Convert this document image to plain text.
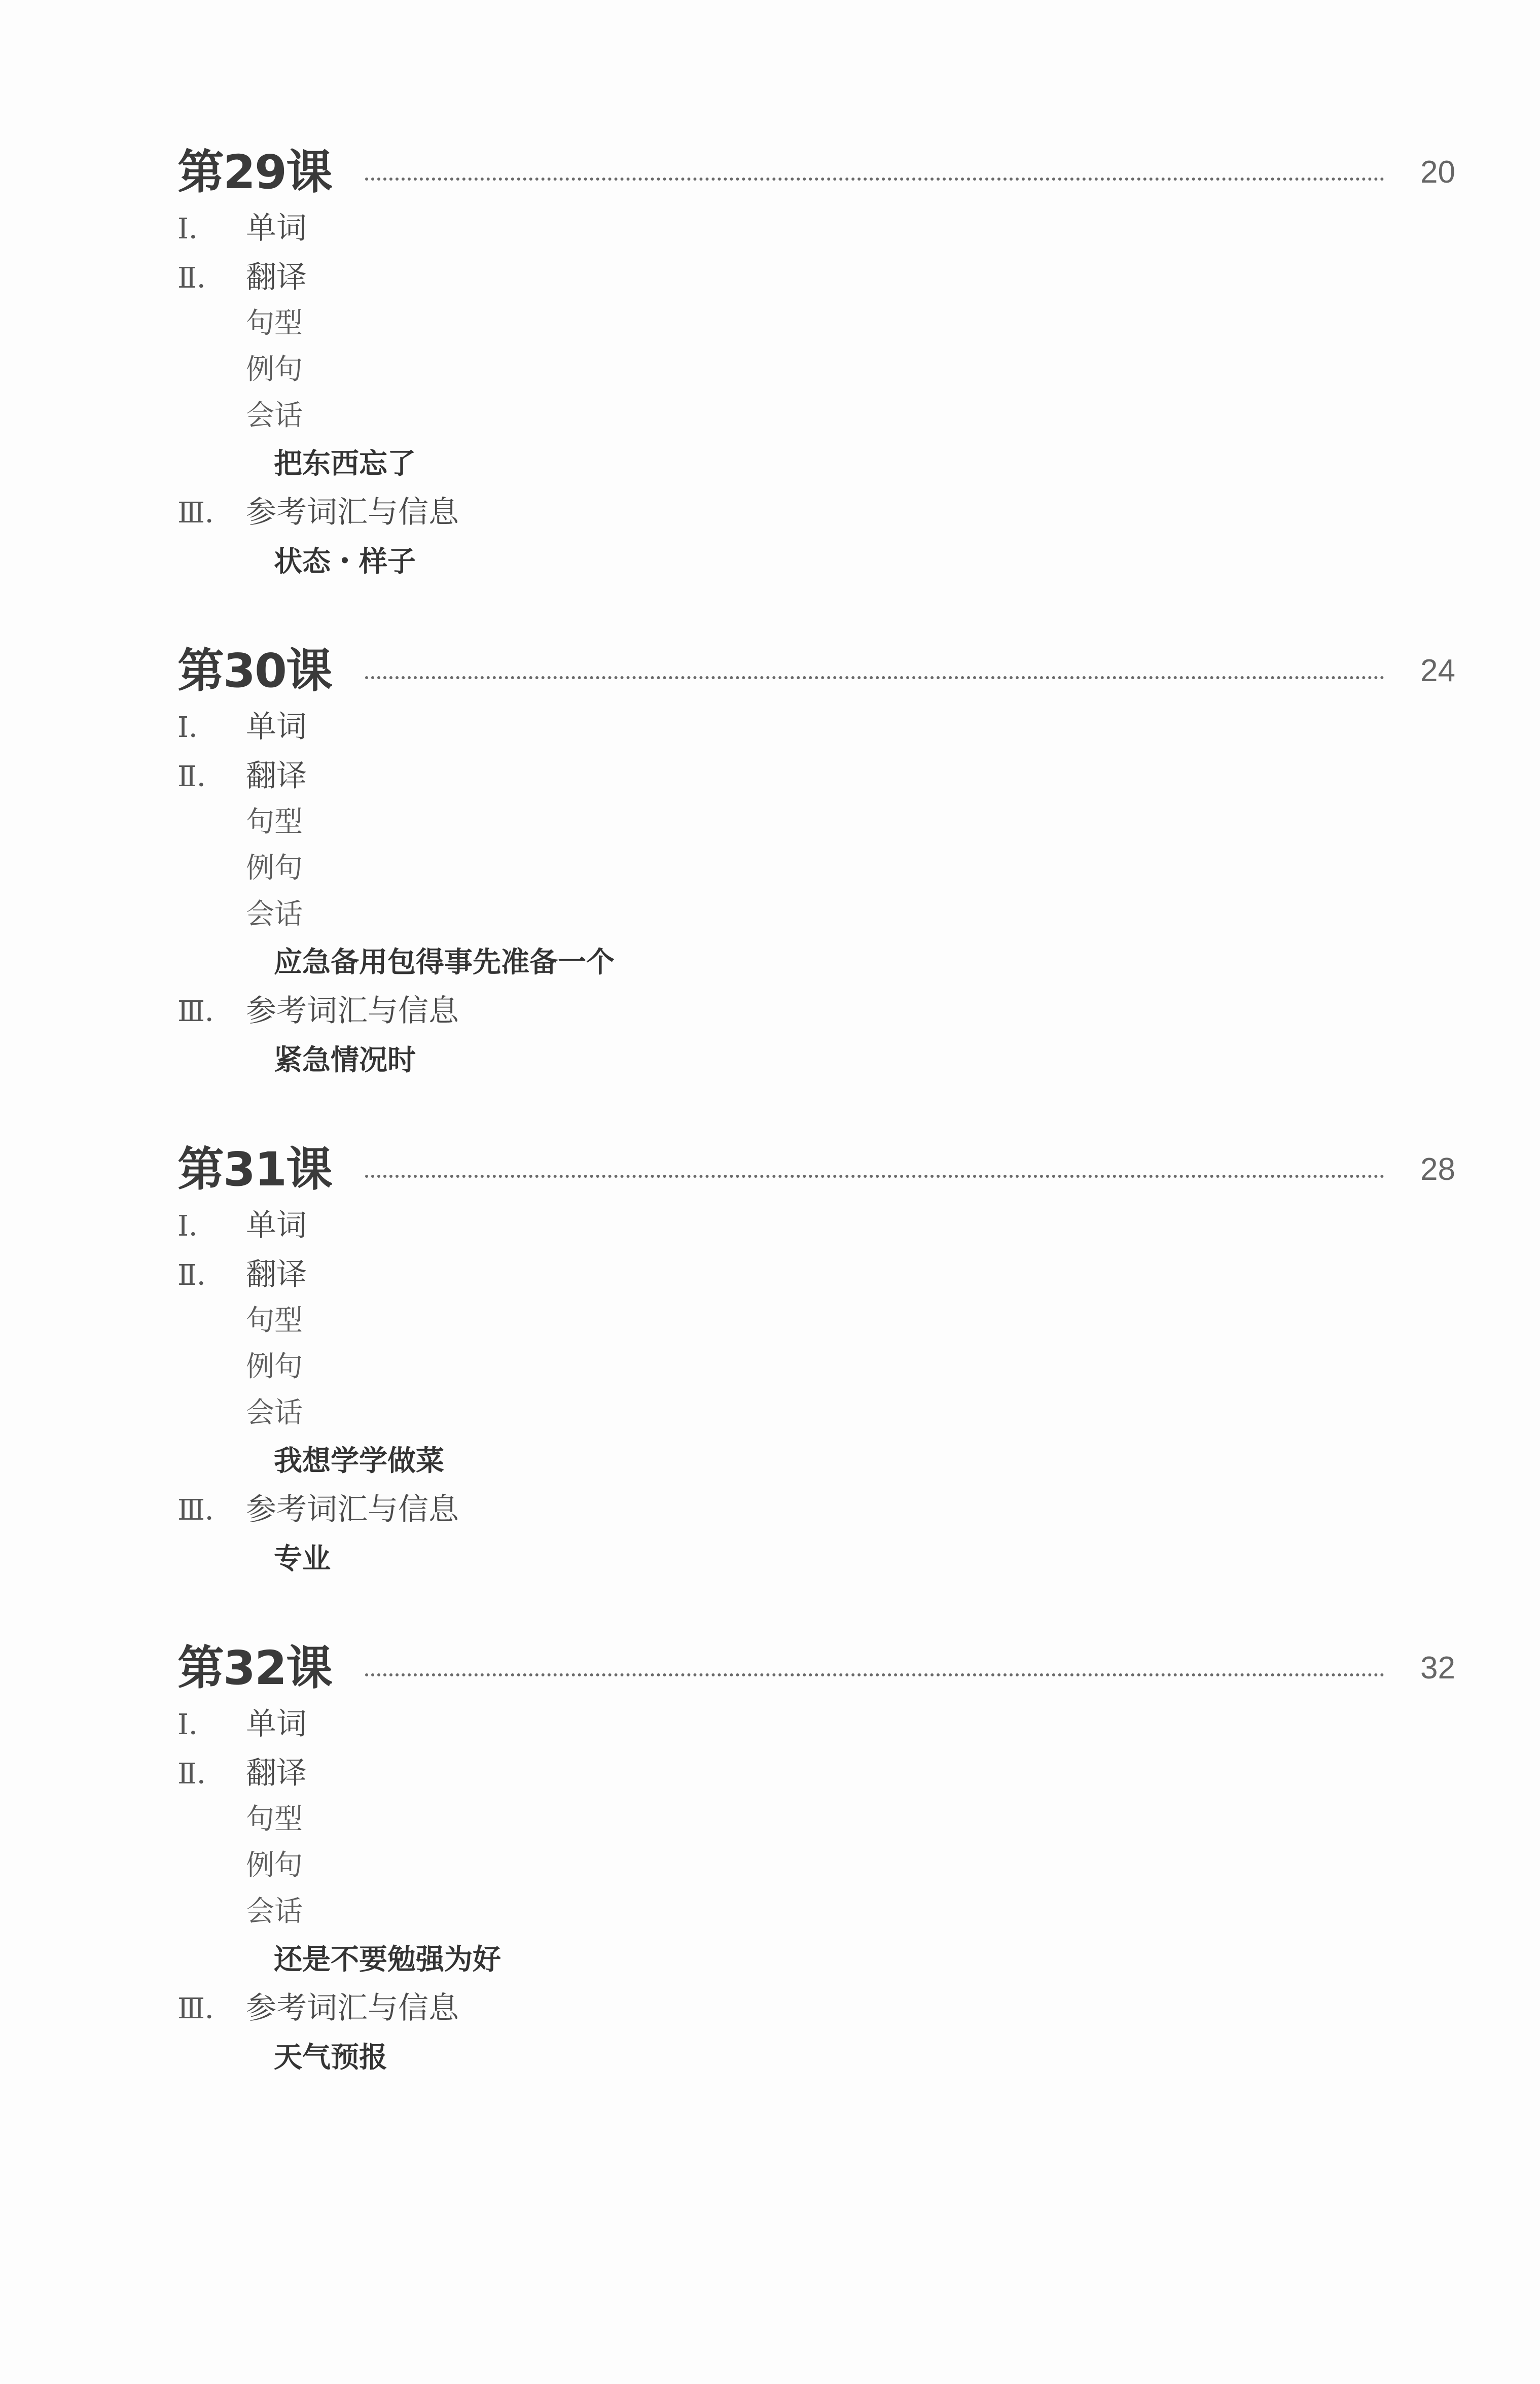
第29课	20
Ⅰ． 单词
Ⅱ． 翻译
句型
例句
会话
把东西忘了
Ⅲ． 参考词汇与信息
状态・样子
第30课	24
Ⅰ． 单词
Ⅱ． 翻译
句型
例句
会话
应急备用包得事先准备一个
Ⅲ． 参考词汇与信息
紧急情况时
第31课	28
Ⅰ． 单词
Ⅱ． 翻译
句型
例句
会话
我想学学做菜
Ⅲ． 参考词汇与信息
专业
第32课	32
Ⅰ． 单词
Ⅱ． 翻译
句型
例句
会话
还是不要勉强为好
Ⅲ． 参考词汇与信息
天气预报
